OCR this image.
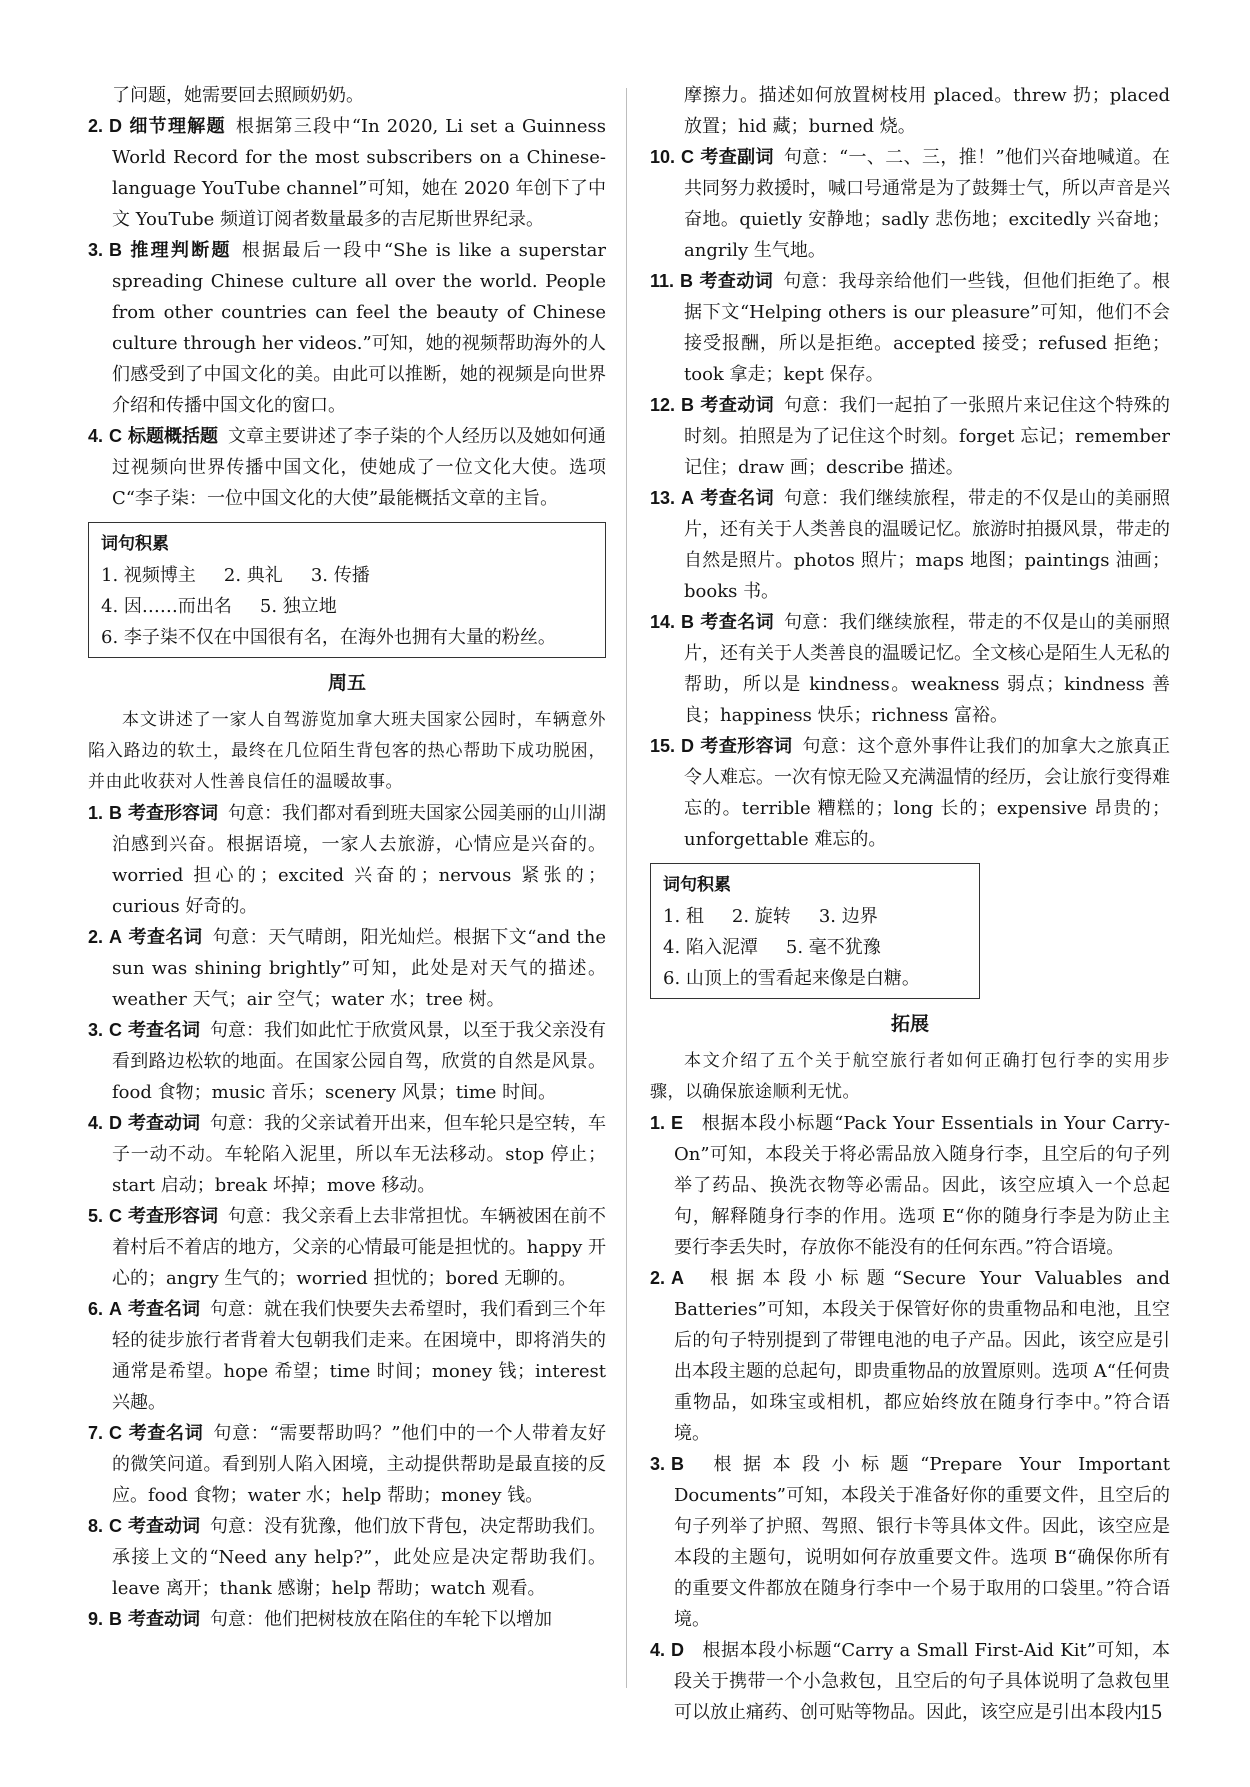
了问题，她需要回去照顾奶奶。

2. D 细节理解题 根据第三段中“In 2020, Li set a Guinness World Record for the most subscribers on a Chinese-language YouTube channel”可知，她在 2020 年创下了中文 YouTube 频道订阅者数量最多的吉尼斯世界纪录。

3. B 推理判断题 根据最后一段中“She is like a superstar spreading Chinese culture all over the world. People from other countries can feel the beauty of Chinese culture through her videos.”可知，她的视频帮助海外的人们感受到了中国文化的美。由此可以推断，她的视频是向世界介绍和传播中国文化的窗口。

4. C 标题概括题 文章主要讲述了李子柒的个人经历以及她如何通过视频向世界传播中国文化，使她成了一位文化大使。选项 C“李子柒：一位中国文化的大使”最能概括文章的主旨。

词句积累
1. 视频博主 2. 典礼 3. 传播
4. 因……而出名 5. 独立地
6. 李子柒不仅在中国很有名，在海外也拥有大量的粉丝。
周五

本文讲述了一家人自驾游览加拿大班夫国家公园时，车辆意外陷入路边的软土，最终在几位陌生背包客的热心帮助下成功脱困，并由此收获对人性善良信任的温暖故事。

1. B 考查形容词 句意：我们都对看到班夫国家公园美丽的山川湖泊感到兴奋。根据语境，一家人去旅游，心情应是兴奋的。worried 担心的；excited 兴奋的；nervous 紧张的；curious 好奇的。

2. A 考查名词 句意：天气晴朗，阳光灿烂。根据下文“and the sun was shining brightly”可知，此处是对天气的描述。weather 天气；air 空气；water 水；tree 树。

3. C 考查名词 句意：我们如此忙于欣赏风景，以至于我父亲没有看到路边松软的地面。在国家公园自驾，欣赏的自然是风景。food 食物；music 音乐；scenery 风景；time 时间。

4. D 考查动词 句意：我的父亲试着开出来，但车轮只是空转，车子一动不动。车轮陷入泥里，所以车无法移动。stop 停止；start 启动；break 坏掉；move 移动。

5. C 考查形容词 句意：我父亲看上去非常担忧。车辆被困在前不着村后不着店的地方，父亲的心情最可能是担忧的。happy 开心的；angry 生气的；worried 担忧的；bored 无聊的。

6. A 考查名词 句意：就在我们快要失去希望时，我们看到三个年轻的徒步旅行者背着大包朝我们走来。在困境中，即将消失的通常是希望。hope 希望；time 时间；money 钱；interest 兴趣。

7. C 考查名词 句意：“需要帮助吗？”他们中的一个人带着友好的微笑问道。看到别人陷入困境，主动提供帮助是最直接的反应。food 食物；water 水；help 帮助；money 钱。

8. C 考查动词 句意：没有犹豫，他们放下背包，决定帮助我们。承接上文的“Need any help?”，此处应是决定帮助我们。leave 离开；thank 感谢；help 帮助；watch 观看。

9. B 考查动词 句意：他们把树枝放在陷住的车轮下以增加

摩擦力。描述如何放置树枝用 placed。threw 扔；placed 放置；hid 藏；burned 烧。

10. C 考查副词 句意：“一、二、三，推！”他们兴奋地喊道。在共同努力救援时，喊口号通常是为了鼓舞士气，所以声音是兴奋地。quietly 安静地；sadly 悲伤地；excitedly 兴奋地；angrily 生气地。

11. B 考查动词 句意：我母亲给他们一些钱，但他们拒绝了。根据下文“Helping others is our pleasure”可知，他们不会接受报酬，所以是拒绝。accepted 接受；refused 拒绝；took 拿走；kept 保存。

12. B 考查动词 句意：我们一起拍了一张照片来记住这个特殊的时刻。拍照是为了记住这个时刻。forget 忘记；remember 记住；draw 画；describe 描述。

13. A 考查名词 句意：我们继续旅程，带走的不仅是山的美丽照片，还有关于人类善良的温暖记忆。旅游时拍摄风景，带走的自然是照片。photos 照片；maps 地图；paintings 油画；books 书。

14. B 考查名词 句意：我们继续旅程，带走的不仅是山的美丽照片，还有关于人类善良的温暖记忆。全文核心是陌生人无私的帮助，所以是 kindness。weakness 弱点；kindness 善良；happiness 快乐；richness 富裕。

15. D 考查形容词 句意：这个意外事件让我们的加拿大之旅真正令人难忘。一次有惊无险又充满温情的经历，会让旅行变得难忘的。terrible 糟糕的；long 长的；expensive 昂贵的；unforgettable 难忘的。

词句积累
1. 租 2. 旋转 3. 边界
4. 陷入泥潭 5. 毫不犹豫
6. 山顶上的雪看起来像是白糖。
拓展

本文介绍了五个关于航空旅行者如何正确打包行李的实用步骤，以确保旅途顺利无忧。

1. E  根据本段小标题“Pack Your Essentials in Your Carry-On”可知，本段关于将必需品放入随身行李，且空后的句子列举了药品、换洗衣物等必需品。因此，该空应填入一个总起句，解释随身行李的作用。选项 E“你的随身行李是为防止主要行李丢失时，存放你不能没有的任何东西。”符合语境。

2. A  根据本段小标题“Secure Your Valuables and Batteries”可知，本段关于保管好你的贵重物品和电池，且空后的句子特别提到了带锂电池的电子产品。因此，该空应是引出本段主题的总起句，即贵重物品的放置原则。选项 A“任何贵重物品，如珠宝或相机，都应始终放在随身行李中。”符合语境。

3. B  根据本段小标题“Prepare Your Important Documents”可知，本段关于准备好你的重要文件，且空后的句子列举了护照、驾照、银行卡等具体文件。因此，该空应是本段的主题句，说明如何存放重要文件。选项 B“确保你所有的重要文件都放在随身行李中一个易于取用的口袋里。”符合语境。

4. D  根据本段小标题“Carry a Small First-Aid Kit”可知，本段关于携带一个小急救包，且空后的句子具体说明了急救包里可以放止痛药、创可贴等物品。因此，该空应是引出本段内

15
